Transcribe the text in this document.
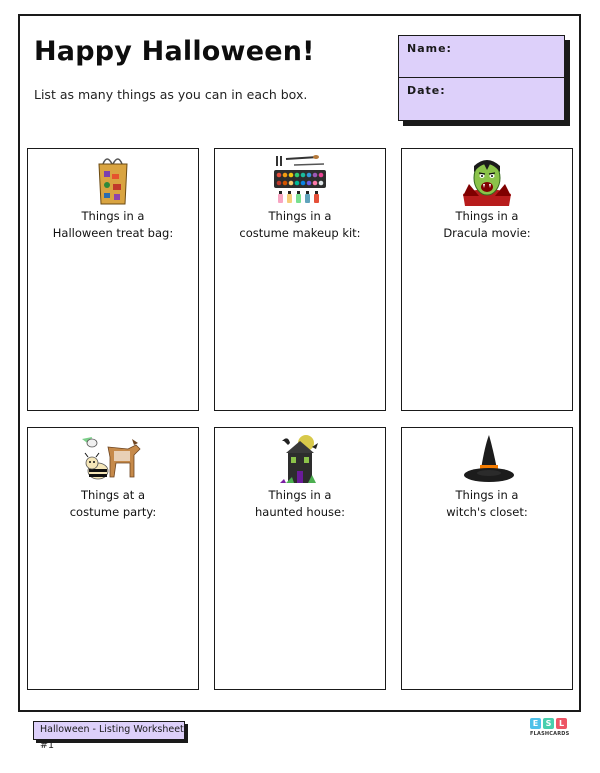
Happy Halloween!
List as many things as you can in each box.
Name:
Date:
Things in a
Halloween treat bag:
Things in a
costume makeup kit:
Things in a
Dracula movie:
Things at a
costume party:
Things in a
haunted house:
Things in a
witch's closet:
Halloween - Listing Worksheet #1
E S L
FLASHCARDS
